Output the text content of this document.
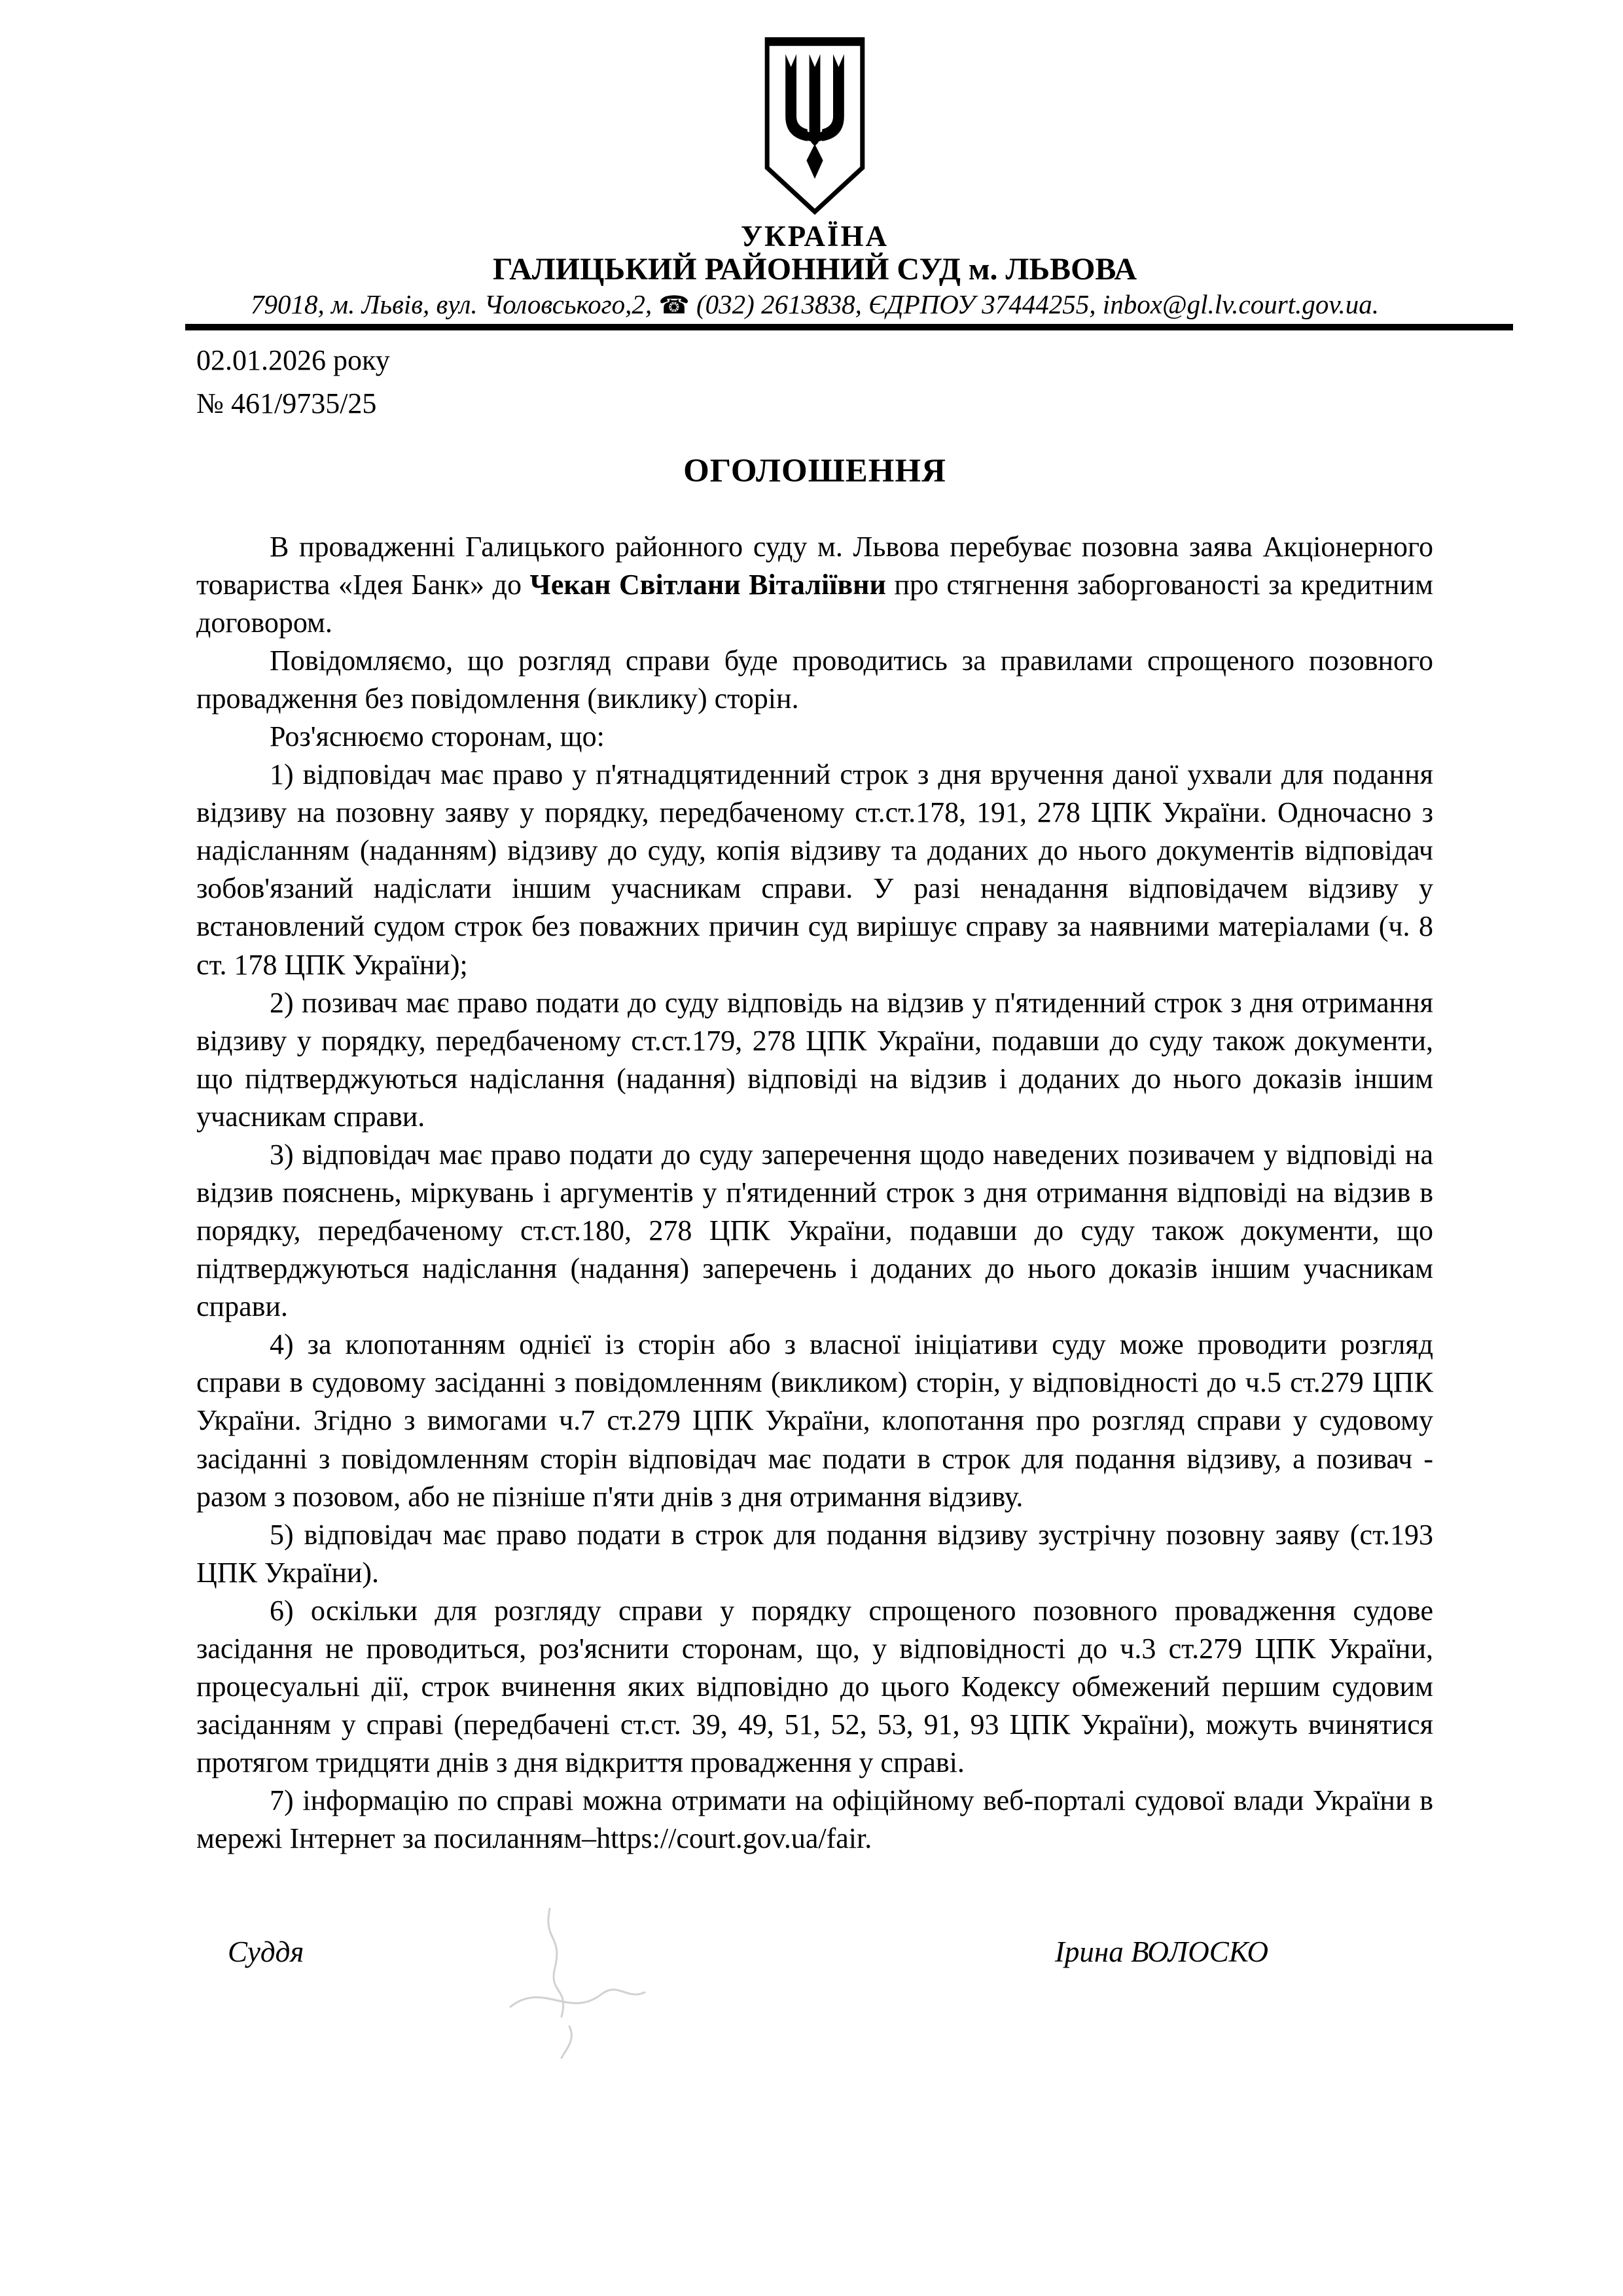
УКРАЇНА
ГАЛИЦЬКИЙ РАЙОННИЙ СУД м. ЛЬВОВА
79018, м. Львів, вул. Чоловського,2, ☎ (032) 2613838, ЄДРПОУ 37444255, inbox@gl.lv.court.gov.ua.
02.01.2026 року
№ 461/9735/25
ОГОЛОШЕННЯ

В провадженні Галицького районного суду м. Львова перебуває позовна заява Акціонерного товариства «Ідея Банк» до Чекан Світлани Віталіївни про стягнення заборгованості за кредитним договором.

Повідомляємо, що розгляд справи буде проводитись за правилами спрощеного позовного провадження без повідомлення (виклику) сторін.

Роз'яснюємо сторонам, що:

1) відповідач має право у п'ятнадцятиденний строк з дня вручення даної ухвали для подання відзиву на позовну заяву у порядку, передбаченому ст.ст.178, 191, 278 ЦПК України. Одночасно з надісланням (наданням) відзиву до суду, копія відзиву та доданих до нього документів відповідач зобов'язаний надіслати іншим учасникам справи. У разі ненадання відповідачем відзиву у встановлений судом строк без поважних причин суд вирішує справу за наявними матеріалами (ч. 8 ст. 178 ЦПК України);

2) позивач має право подати до суду відповідь на відзив у п'ятиденний строк з дня отримання відзиву у порядку, передбаченому ст.ст.179, 278 ЦПК України, подавши до суду також документи, що підтверджуються надіслання (надання) відповіді на відзив і доданих до нього доказів іншим учасникам справи.

3) відповідач має право подати до суду заперечення щодо наведених позивачем у відповіді на відзив пояснень, міркувань і аргументів у п'ятиденний строк з дня отримання відповіді на відзив в порядку, передбаченому ст.ст.180, 278 ЦПК України, подавши до суду також документи, що підтверджуються надіслання (надання) заперечень і доданих до нього доказів іншим учасникам справи.

4) за клопотанням однієї із сторін або з власної ініціативи суду може проводити розгляд справи в судовому засіданні з повідомленням (викликом) сторін, у відповідності до ч.5 ст.279 ЦПК України. Згідно з вимогами ч.7 ст.279 ЦПК України, клопотання про розгляд справи у судовому засіданні з повідомленням сторін відповідач має подати в строк для подання відзиву, а позивач - разом з позовом, або не пізніше п'яти днів з дня отримання відзиву.

5) відповідач має право подати в строк для подання відзиву зустрічну позовну заяву (ст.193 ЦПК України).

6) оскільки для розгляду справи у порядку спрощеного позовного провадження судове засідання не проводиться, роз'яснити сторонам, що, у відповідності до ч.3 ст.279 ЦПК України, процесуальні дії, строк вчинення яких відповідно до цього Кодексу обмежений першим судовим засіданням у справі (передбачені ст.ст. 39, 49, 51, 52, 53, 91, 93 ЦПК України), можуть вчинятися протягом тридцяти днів з дня відкриття провадження у справі.

7) інформацію по справі можна отримати на офіційному веб-порталі судової влади України в мережі Інтернет за посиланням–https://court.gov.ua/fair.

Суддя	Ірина ВОЛОСКО
